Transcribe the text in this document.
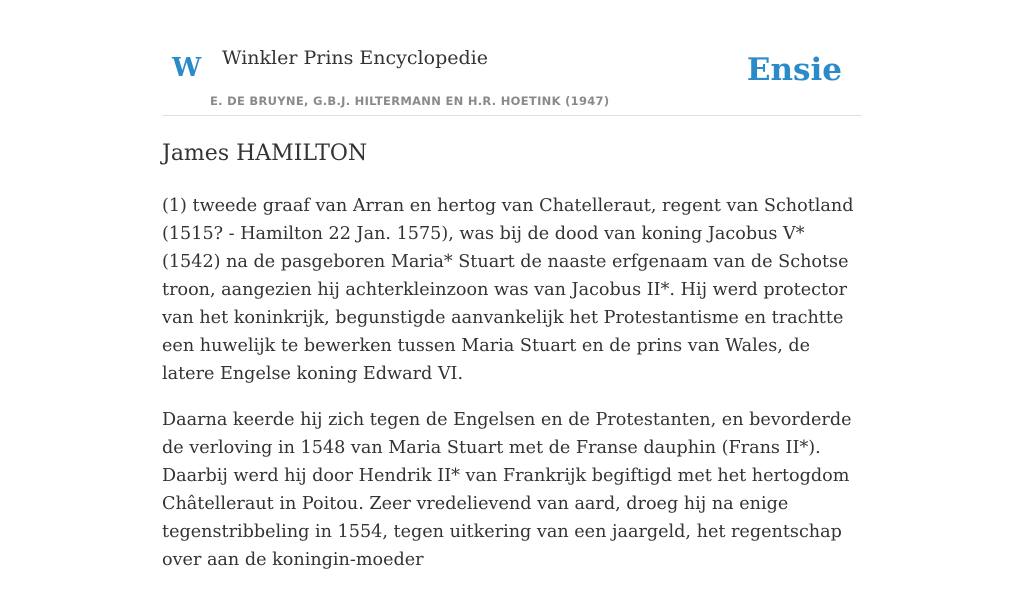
W Winkler Prins Encyclopedie
E. DE BRUYNE, G.B.J. HILTERMANN EN H.R. HOETINK (1947)
Ensie
James HAMILTON

(1) tweede graaf van Arran en hertog van Chatelleraut, regent van Schotland (1515? - Hamilton 22 Jan. 1575), was bij de dood van koning Jacobus V* (1542) na de pasgeboren Maria* Stuart de naaste erfgenaam van de Schotse troon, aangezien hij achterkleinzoon was van Jacobus II*. Hij werd protector van het koninkrijk, begunstigde aanvankelijk het Protestantisme en trachtte een huwelijk te bewerken tussen Maria Stuart en de prins van Wales, de latere Engelse koning Edward VI.

Daarna keerde hij zich tegen de Engelsen en de Protestanten, en bevorderde de verloving in 1548 van Maria Stuart met de Franse dauphin (Frans II*). Daarbij werd hij door Hendrik II* van Frankrijk begiftigd met het hertogdom Châtelleraut in Poitou. Zeer vredelievend van aard, droeg hij na enige tegenstribbeling in 1554, tegen uitkering van een jaargeld, het regentschap over aan de koningin-moeder
